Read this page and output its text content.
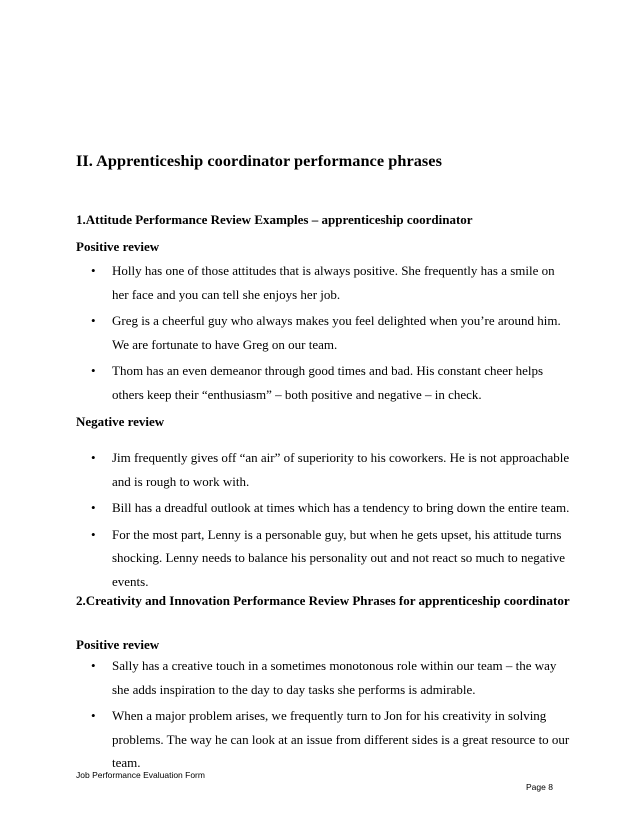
II. Apprenticeship coordinator performance phrases
1.Attitude Performance Review Examples – apprenticeship coordinator
Positive review
• Holly has one of those attitudes that is always positive. She frequently has a smile on her face and you can tell she enjoys her job.
• Greg is a cheerful guy who always makes you feel delighted when you’re around him. We are fortunate to have Greg on our team.
• Thom has an even demeanor through good times and bad. His constant cheer helps others keep their “enthusiasm” – both positive and negative – in check.
Negative review
• Jim frequently gives off “an air” of superiority to his coworkers. He is not approachable and is rough to work with.
• Bill has a dreadful outlook at times which has a tendency to bring down the entire team.
• For the most part, Lenny is a personable guy, but when he gets upset, his attitude turns shocking. Lenny needs to balance his personality out and not react so much to negative events.
2.Creativity and Innovation Performance Review Phrases for apprenticeship coordinator
Positive review
• Sally has a creative touch in a sometimes monotonous role within our team – the way she adds inspiration to the day to day tasks she performs is admirable.
• When a major problem arises, we frequently turn to Jon for his creativity in solving problems. The way he can look at an issue from different sides is a great resource to our team.
Job Performance Evaluation Form
Page 8
